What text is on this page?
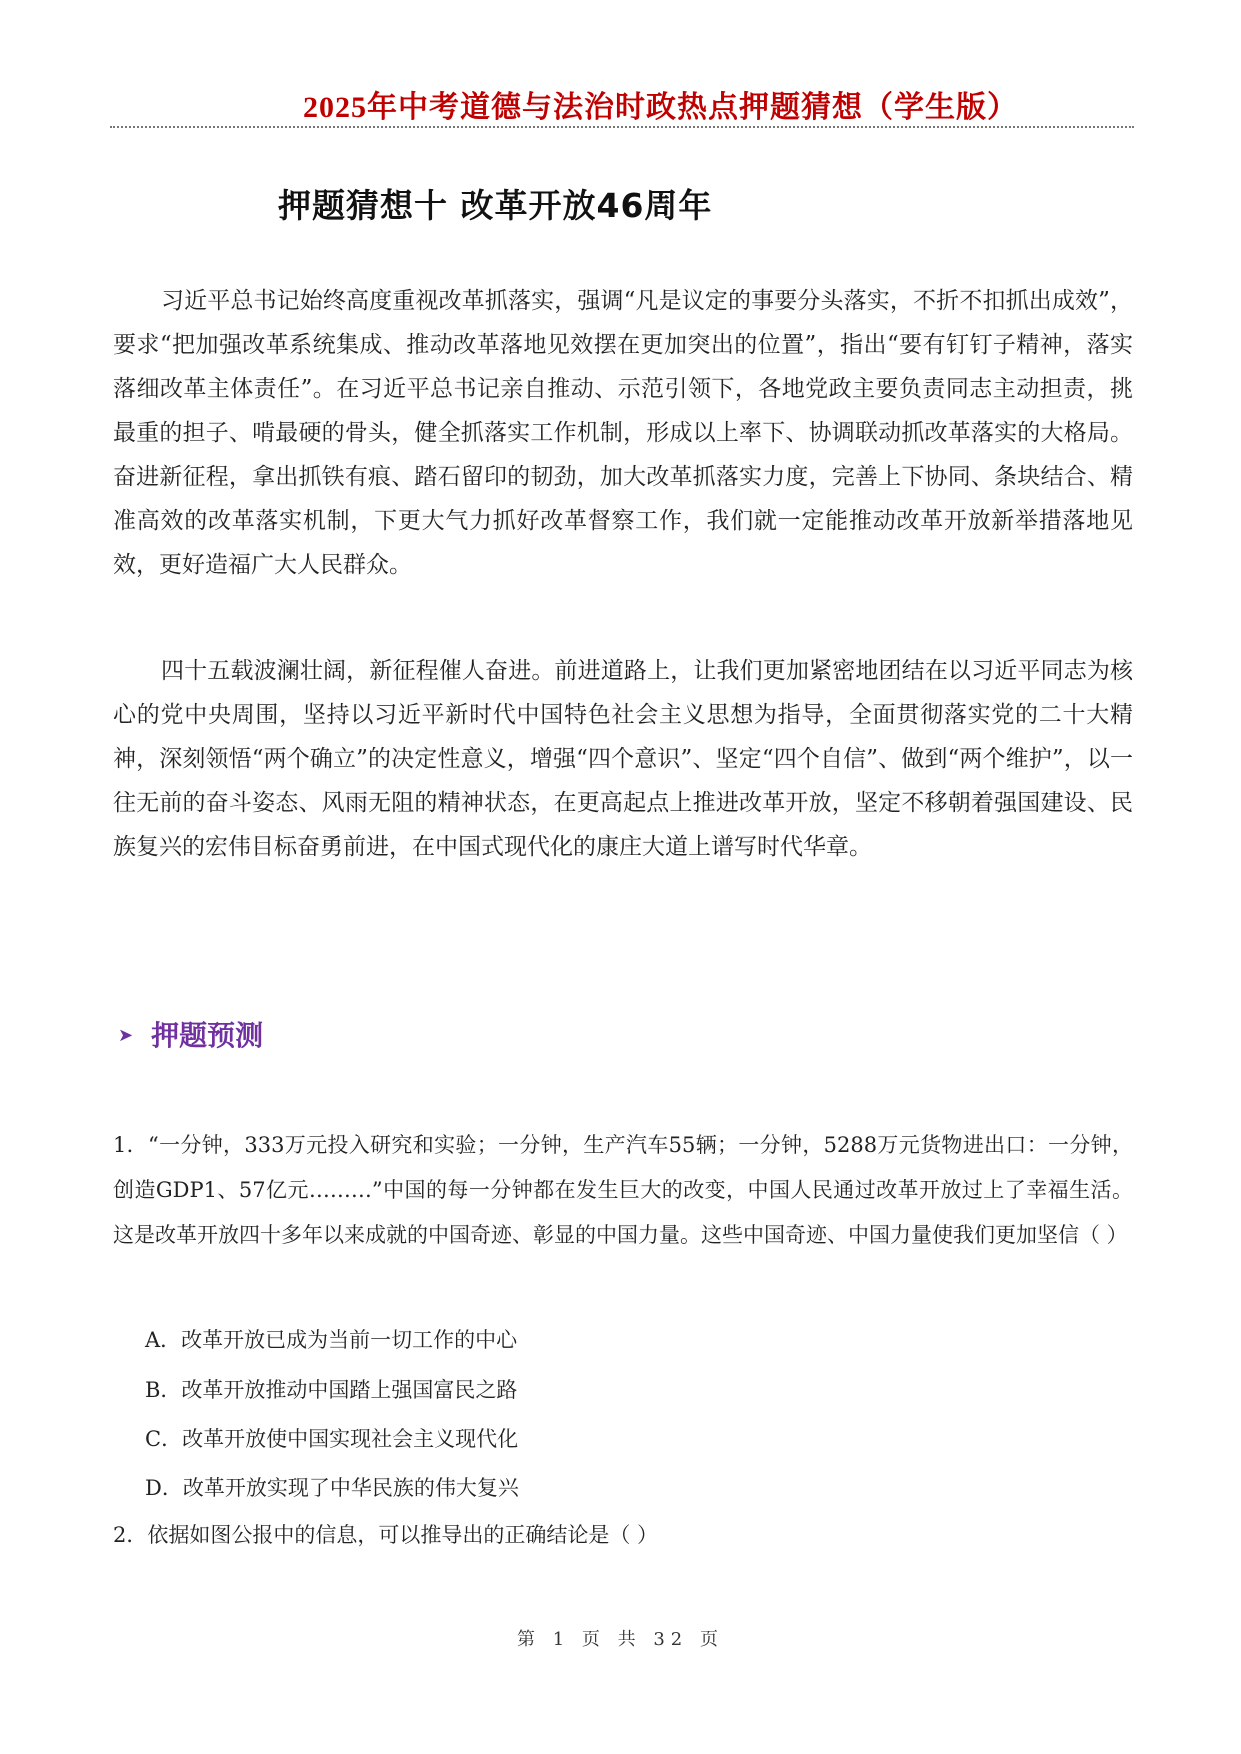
2025年中考道德与法治时政热点押题猜想（学生版）
押题猜想十 改革开放46周年

习近平总书记始终高度重视改革抓落实，强调“凡是议定的事要分头落实，不折不扣抓出成效”，要求“把加强改革系统集成、推动改革落地见效摆在更加突出的位置”，指出“要有钉钉子精神，落实落细改革主体责任”。在习近平总书记亲自推动、示范引领下，各地党政主要负责同志主动担责，挑最重的担子、啃最硬的骨头，健全抓落实工作机制，形成以上率下、协调联动抓改革落实的大格局。奋进新征程，拿出抓铁有痕、踏石留印的韧劲，加大改革抓落实力度，完善上下协同、条块结合、精准高效的改革落实机制，下更大气力抓好改革督察工作，我们就一定能推动改革开放新举措落地见效，更好造福广大人民群众。

四十五载波澜壮阔，新征程催人奋进。前进道路上，让我们更加紧密地团结在以习近平同志为核心的党中央周围，坚持以习近平新时代中国特色社会主义思想为指导，全面贯彻落实党的二十大精神，深刻领悟“两个确立”的决定性意义，增强“四个意识”、坚定“四个自信”、做到“两个维护”，以一往无前的奋斗姿态、风雨无阻的精神状态，在更高起点上推进改革开放，坚定不移朝着强国建设、民族复兴的宏伟目标奋勇前进，在中国式现代化的康庄大道上谱写时代华章。

➤ 押题预测

1．“一分钟，333万元投入研究和实验；一分钟，生产汽车55辆；一分钟，5288万元货物进出口：一分钟，创造GDP1、57亿元………”中国的每一分钟都在发生巨大的改变，中国人民通过改革开放过上了幸福生活。这是改革开放四十多年以来成就的中国奇迹、彰显的中国力量。这些中国奇迹、中国力量使我们更加坚信（ ）

A．改革开放已成为当前一切工作的中心
B．改革开放推动中国踏上强国富民之路
C．改革开放使中国实现社会主义现代化
D．改革开放实现了中华民族的伟大复兴

2．依据如图公报中的信息，可以推导出的正确结论是（ ）

第 1 页 共 32 页
